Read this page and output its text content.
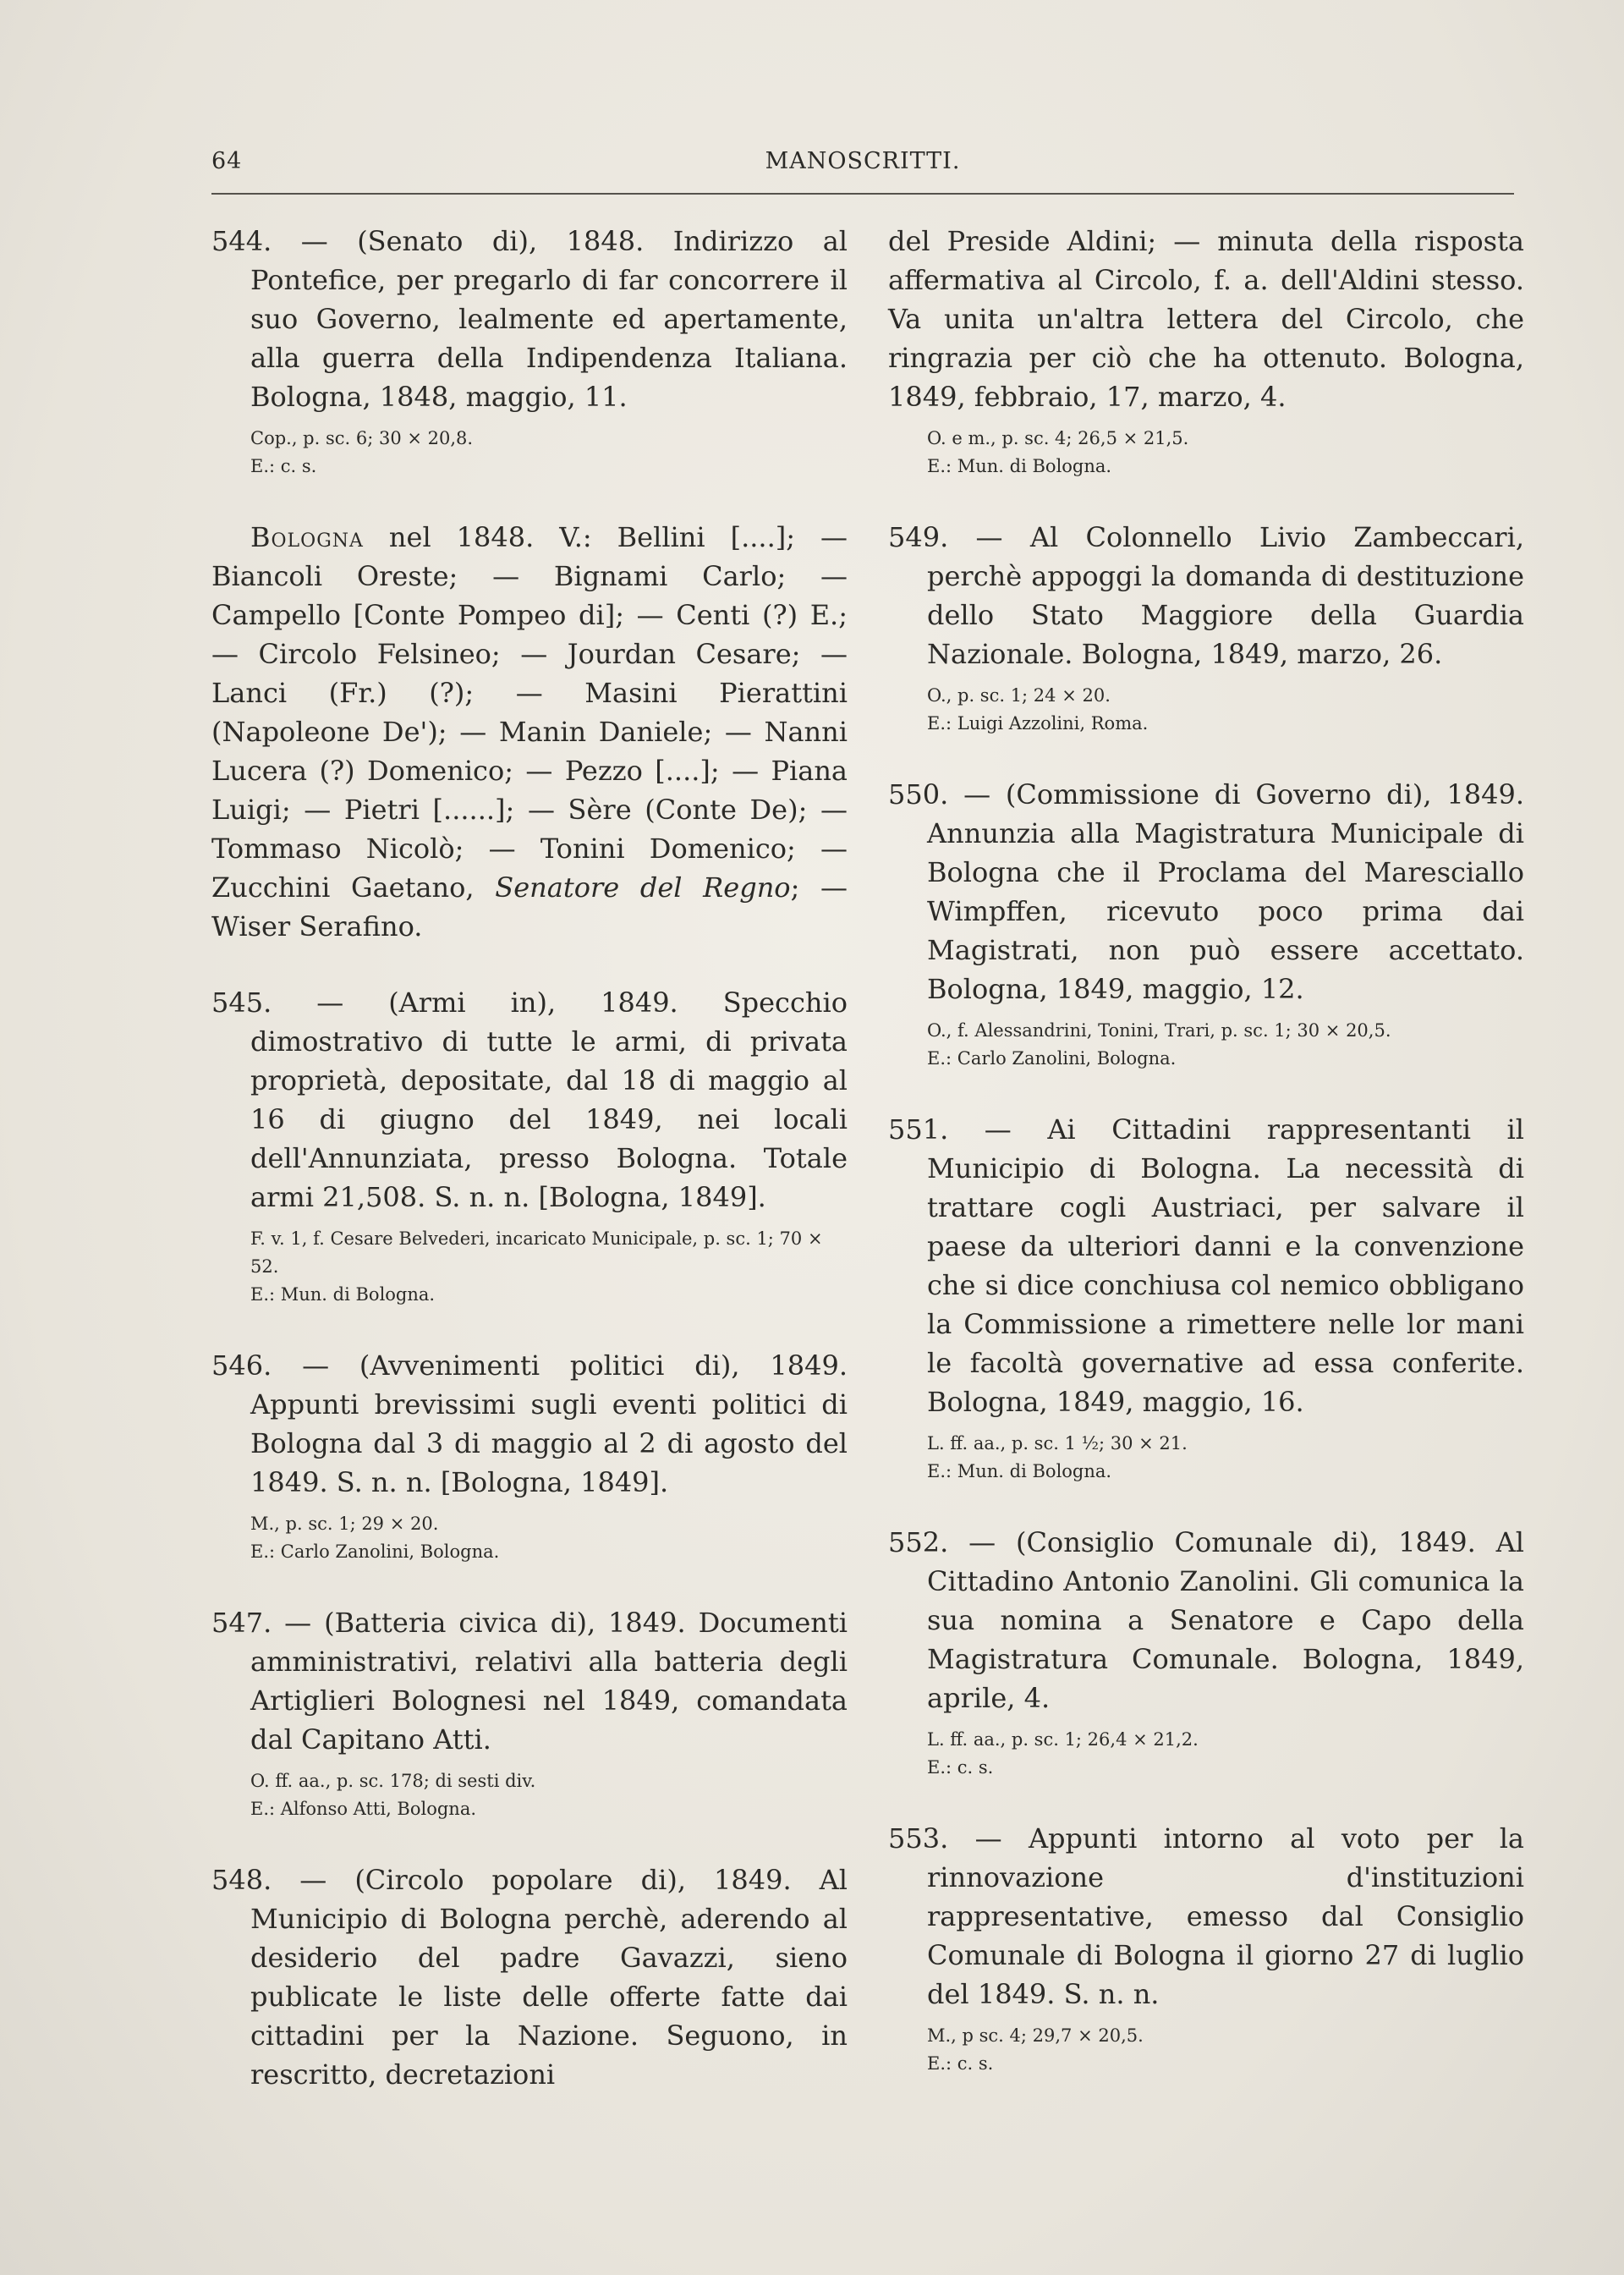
64	MANOSCRITTI.

544. — (Senato di), 1848. Indirizzo al Pontefice, per pregarlo di far concorrere il suo Governo, lealmente ed apertamente, alla guerra della Indipendenza Italiana. Bologna, 1848, maggio, 11.

Cop., p. sc. 6; 30 × 20,8.

E.: c. s.

Bologna nel 1848. V.: Bellini [....]; — Biancoli Oreste; — Bignami Carlo; — Campello [Conte Pompeo di]; — Centi (?) E.; — Circolo Felsineo; — Jourdan Cesare; — Lanci (Fr.) (?); — Masini Pierattini (Napoleone De'); — Manin Daniele; — Nanni Lucera (?) Domenico; — Pezzo [....]; — Piana Luigi; — Pietri [......]; — Sère (Conte De); — Tommaso Nicolò; — Tonini Domenico; — Zucchini Gaetano, Senatore del Regno; — Wiser Serafino.

545. — (Armi in), 1849. Specchio dimostrativo di tutte le armi, di privata proprietà, depositate, dal 18 di maggio al 16 di giugno del 1849, nei locali dell'Annunziata, presso Bologna. Totale armi 21,508. S. n. n. [Bologna, 1849].

F. v. 1, f. Cesare Belvederi, incaricato Municipale, p. sc. 1; 70 × 52.

E.: Mun. di Bologna.

546. — (Avvenimenti politici di), 1849. Appunti brevissimi sugli eventi politici di Bologna dal 3 di maggio al 2 di agosto del 1849. S. n. n. [Bologna, 1849].

M., p. sc. 1; 29 × 20.

E.: Carlo Zanolini, Bologna.

547. — (Batteria civica di), 1849. Documenti amministrativi, relativi alla batteria degli Artiglieri Bolognesi nel 1849, comandata dal Capitano Atti.

O. ff. aa., p. sc. 178; di sesti div.

E.: Alfonso Atti, Bologna.

548. — (Circolo popolare di), 1849. Al Municipio di Bologna perchè, aderendo al desiderio del padre Gavazzi, sieno publicate le liste delle offerte fatte dai cittadini per la Nazione. Seguono, in rescritto, decretazioni

del Preside Aldini; — minuta della risposta affermativa al Circolo, f. a. dell'Aldini stesso. Va unita un'altra lettera del Circolo, che ringrazia per ciò che ha ottenuto. Bologna, 1849, febbraio, 17, marzo, 4.

O. e m., p. sc. 4; 26,5 × 21,5.

E.: Mun. di Bologna.

549. — Al Colonnello Livio Zambeccari, perchè appoggi la domanda di destituzione dello Stato Maggiore della Guardia Nazionale. Bologna, 1849, marzo, 26.

O., p. sc. 1; 24 × 20.

E.: Luigi Azzolini, Roma.

550. — (Commissione di Governo di), 1849. Annunzia alla Magistratura Municipale di Bologna che il Proclama del Maresciallo Wimpffen, ricevuto poco prima dai Magistrati, non può essere accettato. Bologna, 1849, maggio, 12.

O., f. Alessandrini, Tonini, Trari, p. sc. 1; 30 × 20,5.

E.: Carlo Zanolini, Bologna.

551. — Ai Cittadini rappresentanti il Municipio di Bologna. La necessità di trattare cogli Austriaci, per salvare il paese da ulteriori danni e la convenzione che si dice conchiusa col nemico obbligano la Commissione a rimettere nelle lor mani le facoltà governative ad essa conferite. Bologna, 1849, maggio, 16.

L. ff. aa., p. sc. 1 ½; 30 × 21.

E.: Mun. di Bologna.

552. — (Consiglio Comunale di), 1849. Al Cittadino Antonio Zanolini. Gli comunica la sua nomina a Senatore e Capo della Magistratura Comunale. Bologna, 1849, aprile, 4.

L. ff. aa., p. sc. 1; 26,4 × 21,2.

E.: c. s.

553. — Appunti intorno al voto per la rinnovazione d'instituzioni rappresentative, emesso dal Consiglio Comunale di Bologna il giorno 27 di luglio del 1849. S. n. n.

M., p sc. 4; 29,7 × 20,5.

E.: c. s.
